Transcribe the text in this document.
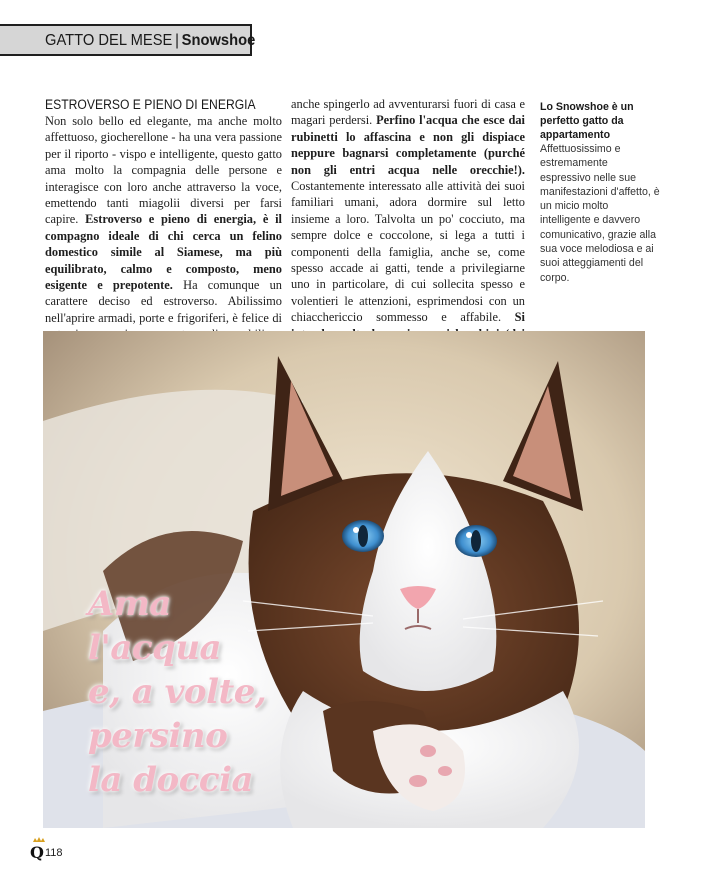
GATTO DEL MESE | Snowshoe
ESTROVERSO E PIENO DI ENERGIA

Non solo bello ed elegante, ma anche molto affettuoso, giocherellone - ha una vera passione per il riporto - vispo e intelligente, questo gatto ama molto la compagnia delle persone e interagisce con loro anche attraverso la voce, emettendo tanti miagolii diversi per farsi capire. Estroverso e pieno di energia, è il compagno ideale di chi cerca un felino domestico simile al Siamese, ma più equilibrato, calmo e composto, meno esigente e prepotente. Ha comunque un carattere deciso ed estroverso. Abilissimo nell'aprire armadi, porte e frigoriferi, è felice di

anche spingerlo ad avventurarsi fuori di casa e magari perdersi. Perfino l'acqua che esce dai rubinetti lo affascina e non gli dispiace neppure bagnarsi completamente (purché non gli entri acqua nelle orecchie!). Costantemente interessato alle attività dei suoi familiari umani, adora dormire sul letto insieme a loro. Talvolta un po' cocciuto, ma sempre dolce e coccolone, si lega a tutti i componenti della famiglia, anche se, come spesso accade ai gatti, tende a privilegiarne uno in particolare, di cui sollecita spesso e volentieri le attenzioni, esprimendosi con un chiacchericcio sommesso e affabile. Si

Lo Snowshoe è un perfetto gatto da appartamento

Affettuosissimo e estremamente espressivo nelle sue manifestazioni d'affetto, è un micio molto intelligente e davvero comunicativo, grazie alla sua voce melodiosa e ai suoi atteggiamenti del corpo.

Ama
l'acqua
e, a volte,
persino
la doccia
Q118
